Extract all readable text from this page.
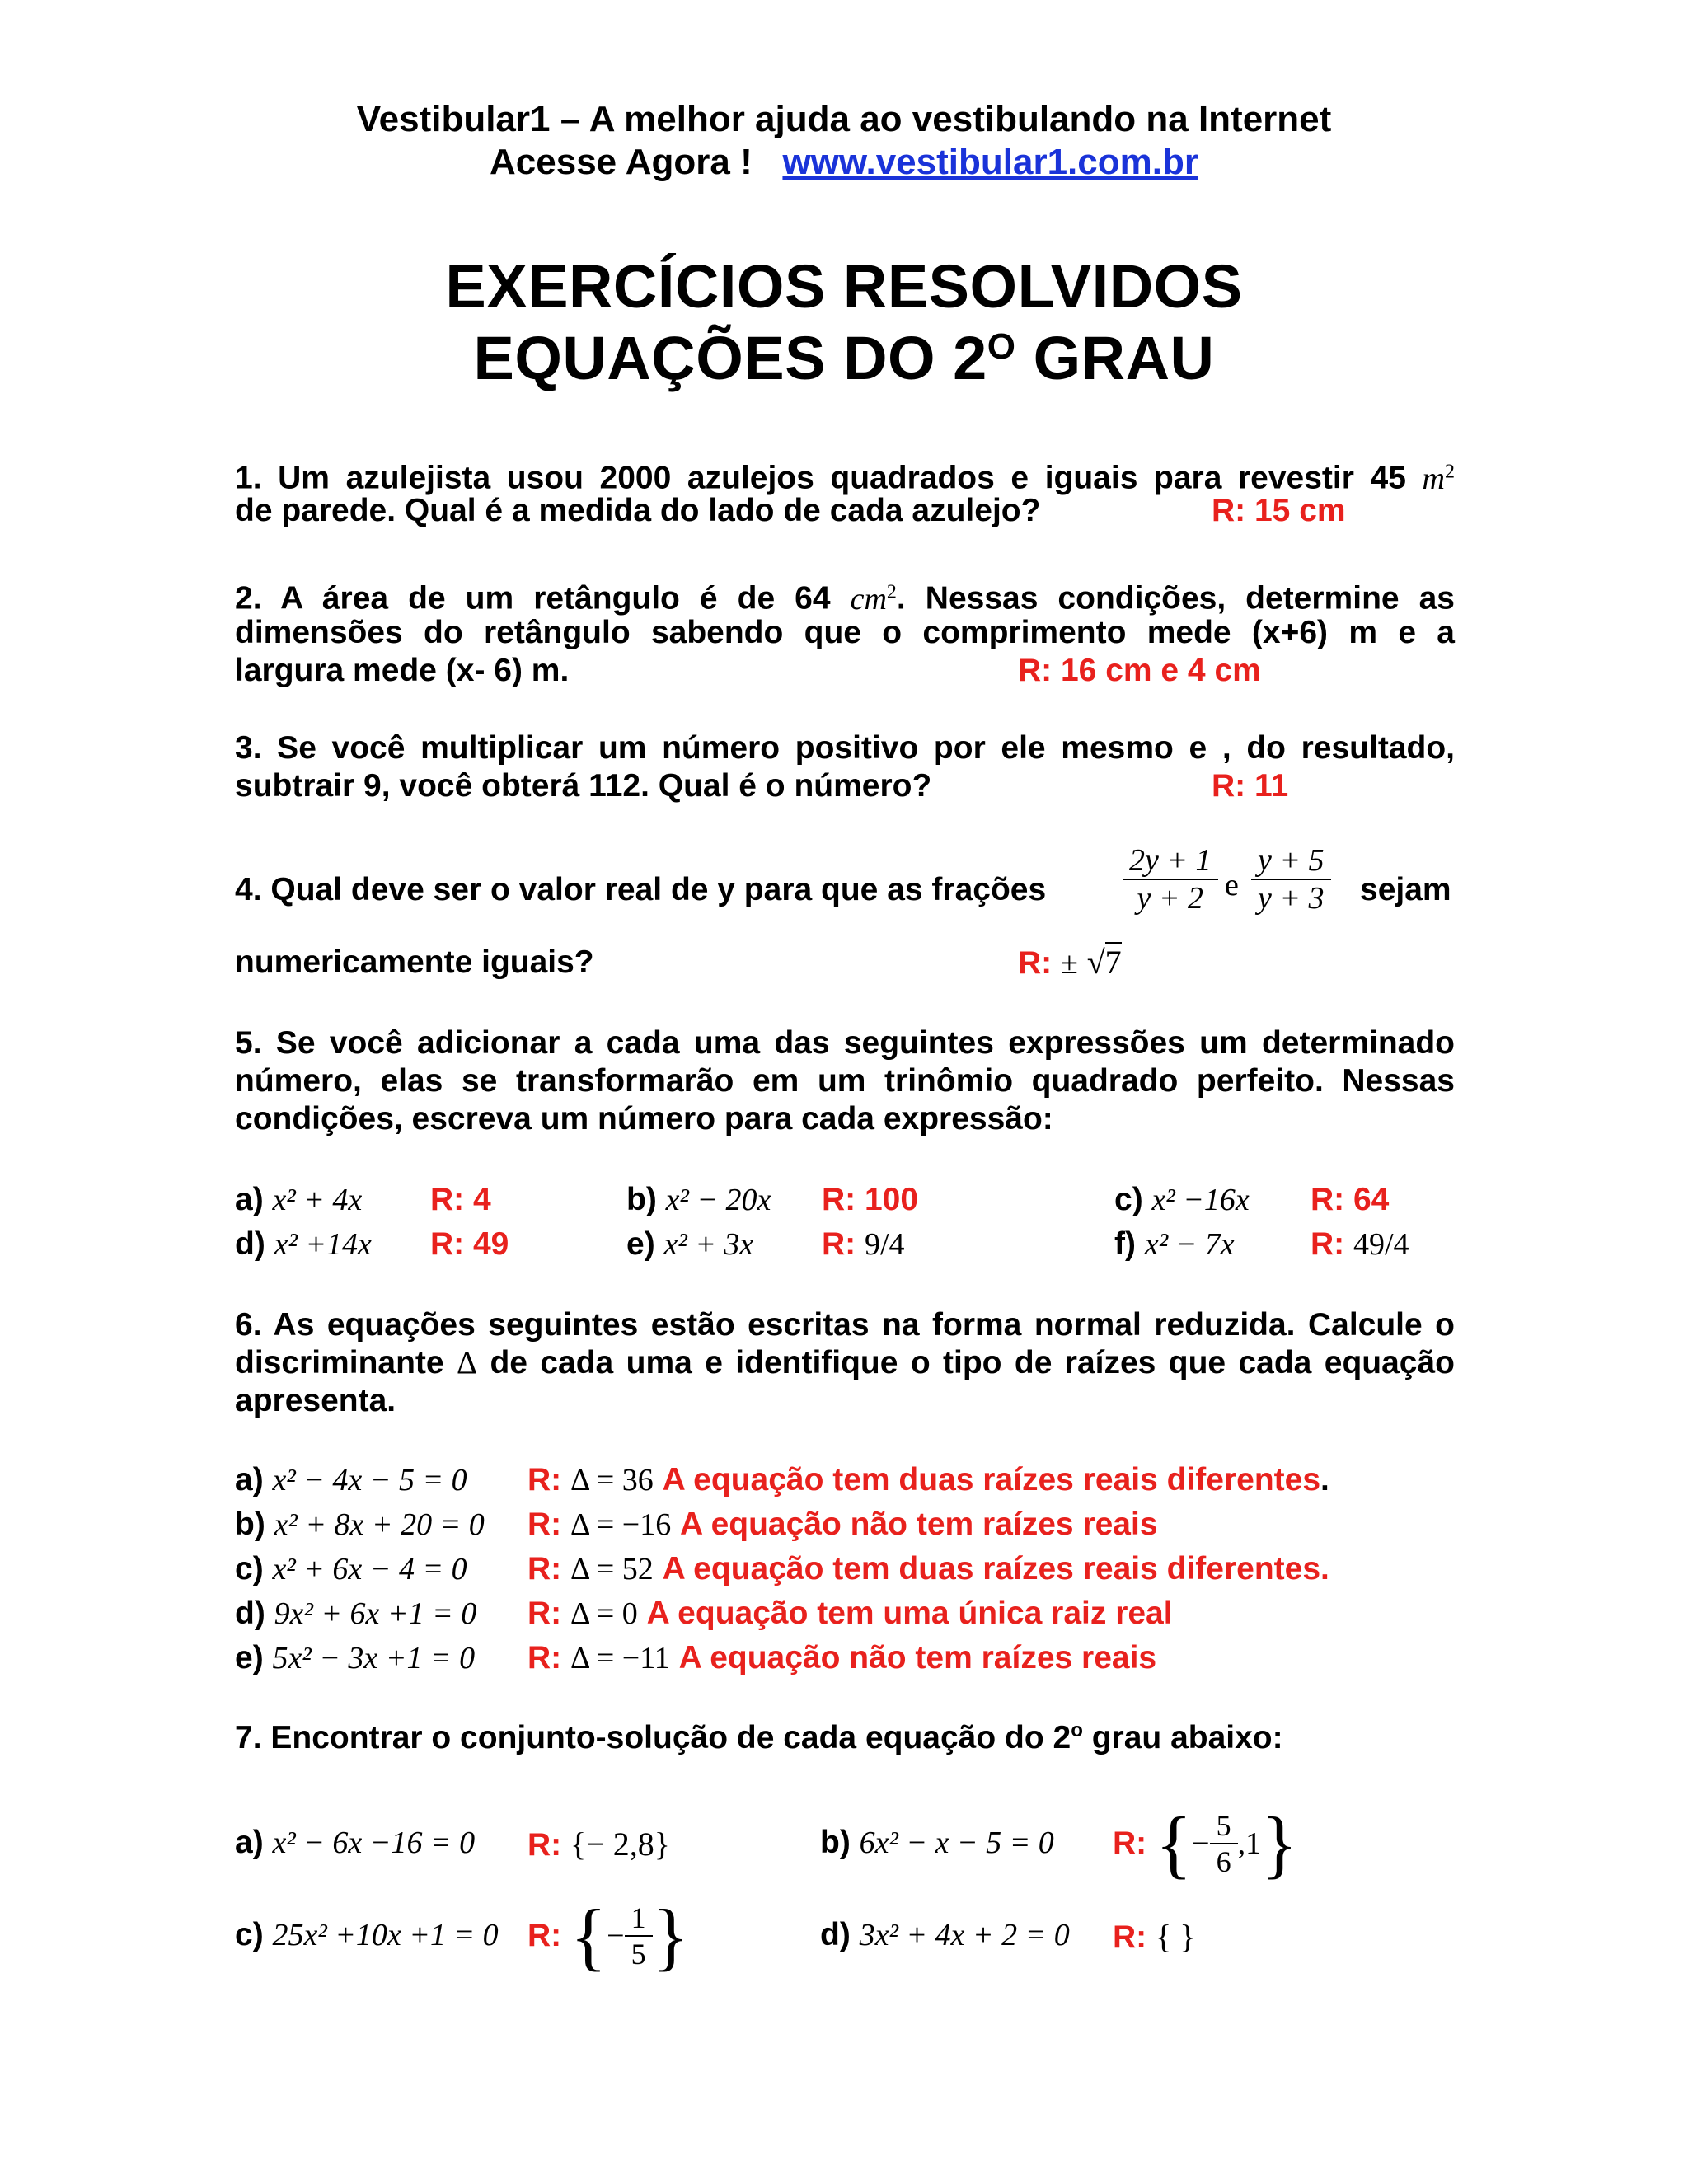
Vestibular1 – A melhor ajuda ao vestibulando na Internet
Acesse Agora ! www.vestibular1.com.br
EXERCÍCIOS RESOLVIDOS
EQUAÇÕES DO $2^O$ GRAU
1. Um azulejista usou 2000 azulejos quadrados e iguais para revestir 45 $m^2$
de parede. Qual é a medida do lado de cada azulejo?	R: 15 cm
2. A área de um retângulo é de 64 $cm^2$. Nessas condições, determine as
dimensões do retângulo sabendo que o comprimento mede (x+6) m e a
largura mede (x- 6) m.	R: 16 cm e 4 cm
3. Se você multiplicar um número positivo por ele mesmo e , do resultado,
subtrair 9, você obterá 112. Qual é o número?	R: 11
4. Qual deve ser o valor real de y para que as frações $\frac{2y + 1}{y + 2}$ e $\frac{y + 5}{y + 3}$ sejam
numericamente iguais?	R: ± √7
5. Se você adicionar a cada uma das seguintes expressões um determinado
número, elas se transformarão em um trinômio quadrado perfeito. Nessas
condições, escreva um número para cada expressão:
a) x² + 4x R: 4	b) x² − 20x R: 100	c) x² −16x R: 64
d) x² +14x R: 49	e) x² + 3x R: 9/4	f) x² − 7x R: 49/4
6. As equações seguintes estão escritas na forma normal reduzida. Calcule o
discriminante Δ de cada uma e identifique o tipo de raízes que cada equação
apresenta.
a) x² − 4x − 5 = 0 R: Δ = 36 A equação tem duas raízes reais diferentes.
b) x² + 8x + 20 = 0 R: Δ = −16 A equação não tem raízes reais
c) x² + 6x − 4 = 0 R: Δ = 52 A equação tem duas raízes reais diferentes.
d) 9x² + 6x +1 = 0 R: Δ = 0 A equação tem uma única raiz real
e) 5x² − 3x +1 = 0 R: Δ = −11 A equação não tem raízes reais
7. Encontrar o conjunto-solução de cada equação do 2$^o$ grau abaixo:
a) x² − 6x −16 = 0 R: {− 2,8}	b) 6x² − x − 5 = 0 R: {− $\frac{5}{6} ,1$}
c) 25x² +10x +1 = 0 R: {− $\frac{1}{5}$ }	d) 3x² + 4x + 2 = 0 R: { }
